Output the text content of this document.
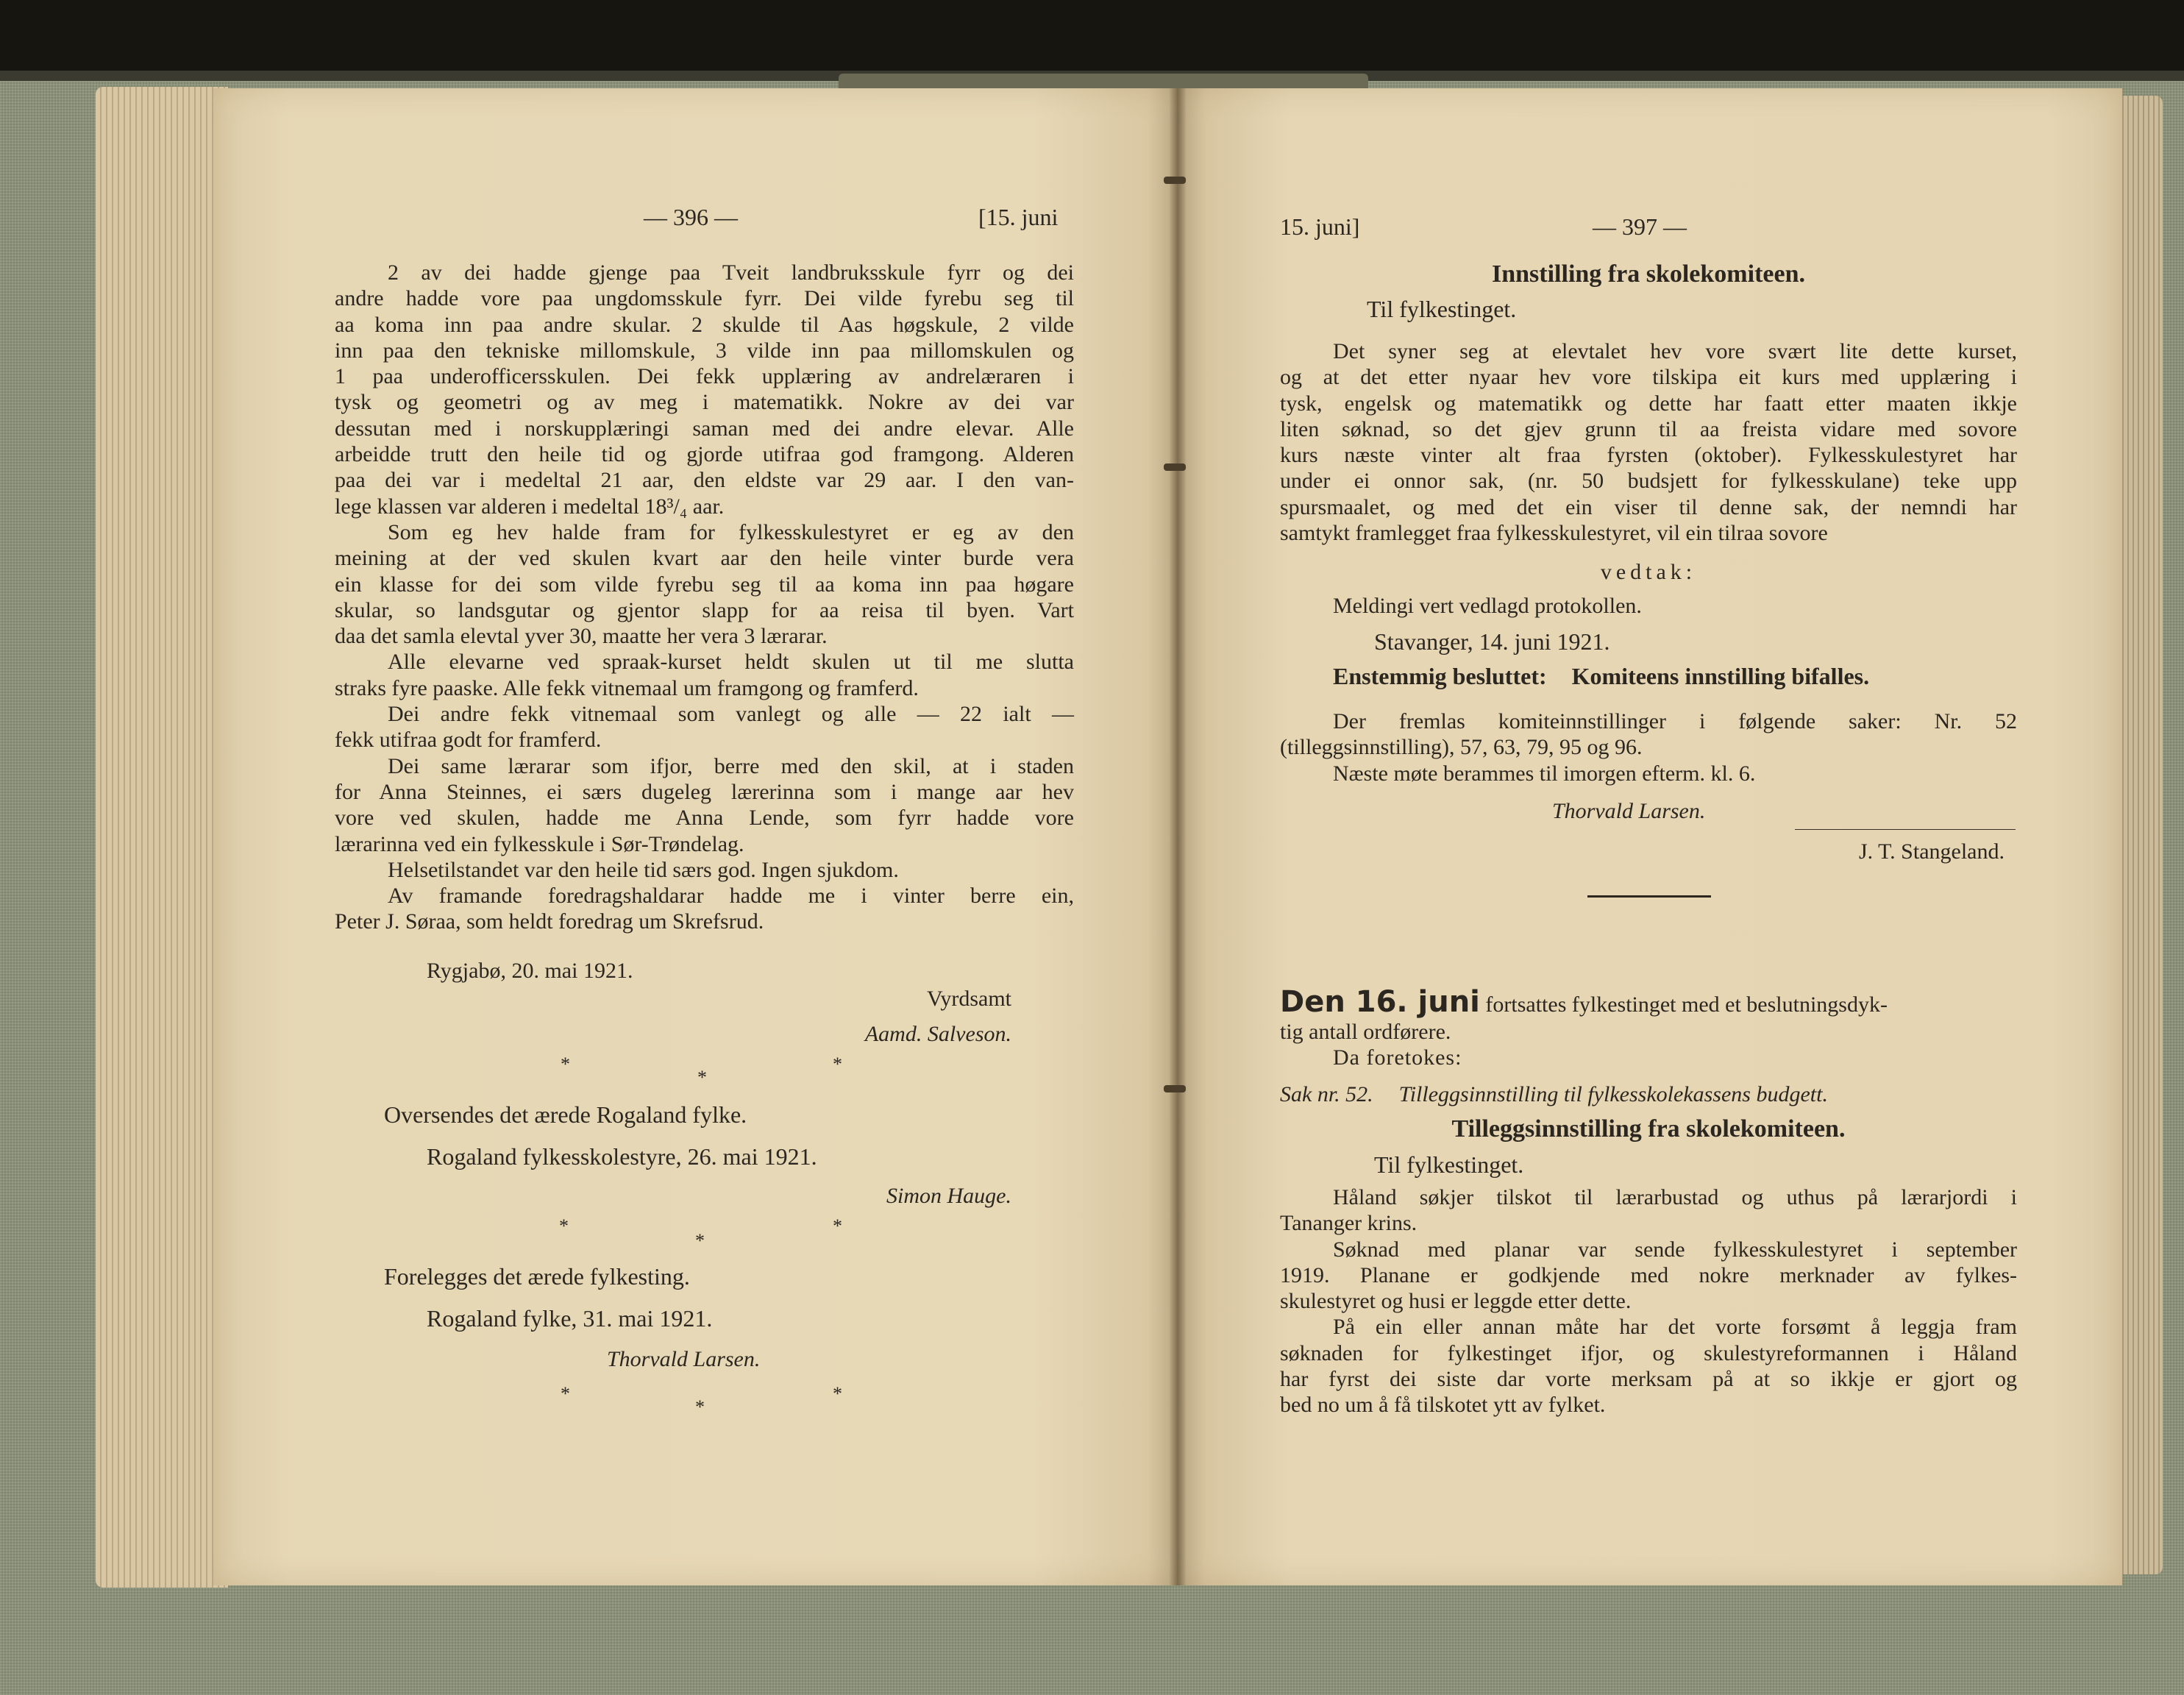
— 396 —	[15. juni
2 av dei hadde gjenge paa Tveit landbruksskule fyrr og dei
andre hadde vore paa ungdomsskule fyrr. Dei vilde fyrebu seg til
aa koma inn paa andre skular. 2 skulde til Aas høgskule, 2 vilde
inn paa den tekniske millomskule, 3 vilde inn paa millomskulen og
1 paa underofficersskulen. Dei fekk upplæring av andrelæraren i
tysk og geometri og av meg i matematikk. Nokre av dei var
dessutan med i norskupplæringi saman med dei andre elevar. Alle
arbeidde trutt den heile tid og gjorde utifraa god framgong. Alderen
paa dei var i medeltal 21 aar, den eldste var 29 aar. I den van-
lege klassen var alderen i medeltal 18³/₄ aar.
Som eg hev halde fram for fylkesskulestyret er eg av den
meining at der ved skulen kvart aar den heile vinter burde vera
ein klasse for dei som vilde fyrebu seg til aa koma inn paa høgare
skular, so landsgutar og gjentor slapp for aa reisa til byen. Vart
daa det samla elevtal yver 30, maatte her vera 3 lærarar.
Alle elevarne ved spraak-kurset heldt skulen ut til me slutta
straks fyre paaske. Alle fekk vitnemaal um framgong og framferd.
Dei andre fekk vitnemaal som vanlegt og alle — 22 ialt —
fekk utifraa godt for framferd.
Dei same lærarar som ifjor, berre med den skil, at i staden
for Anna Steinnes, ei særs dugeleg lærerinna som i mange aar hev
vore ved skulen, hadde me Anna Lende, som fyrr hadde vore
lærarinna ved ein fylkesskule i Sør-Trøndelag.
Helsetilstandet var den heile tid særs god. Ingen sjukdom.
Av framande foredragshaldarar hadde me i vinter berre ein,
Peter J. Søraa, som heldt foredrag um Skrefsrud.
Rygjabø, 20. mai 1921.
Vyrdsamt
Aamd. Salveson.
*
*
*
Oversendes det ærede Rogaland fylke.
Rogaland fylkesskolestyre, 26. mai 1921.
Simon Hauge.
*
*
*
Forelegges det ærede fylkesting.
Rogaland fylke, 31. mai 1921.
Thorvald Larsen.
*
*
*
15. juni]	— 397 —
Innstilling fra skolekomiteen.
Til fylkestinget.
Det syner seg at elevtalet hev vore svært lite dette kurset,
og at det etter nyaar hev vore tilskipa eit kurs med upplæring i
tysk, engelsk og matematikk og dette har faatt etter maaten ikkje
liten søknad, so det gjev grunn til aa freista vidare med sovore
kurs næste vinter alt fraa fyrsten (oktober). Fylkesskulestyret har
under ei onnor sak, (nr. 50 budsjett for fylkesskulane) teke upp
spursmaalet, og med det ein viser til denne sak, der nemndi har
samtykt framlegget fraa fylkesskulestyret, vil ein tilraa sovore
vedtak:
Meldingi vert vedlagd protokollen.
Stavanger, 14. juni 1921.
Enstemmig besluttet: Komiteens innstilling bifalles.
Der fremlas komiteinnstillinger i følgende saker: Nr. 52
(tilleggsinnstilling), 57, 63, 79, 95 og 96.
Næste møte berammes til imorgen efterm. kl. 6.
Thorvald Larsen.
J. T. Stangeland.
Den 16. juni fortsattes fylkestinget med et beslutningsdyk-
tig antall ordførere.
Da foretokes:
Sak nr. 52. Tilleggsinnstilling til fylkesskolekassens budgett.
Tilleggsinnstilling fra skolekomiteen.
Til fylkestinget.
Håland søkjer tilskot til lærarbustad og uthus på lærarjordi i
Tananger krins.
Søknad med planar var sende fylkesskulestyret i september
1919. Planane er godkjende med nokre merknader av fylkes-
skulestyret og husi er leggde etter dette.
På ein eller annan måte har det vorte forsømt å leggja fram
søknaden for fylkestinget ifjor, og skulestyreformannen i Håland
har fyrst dei siste dar vorte merksam på at so ikkje er gjort og
bed no um å få tilskotet ytt av fylket.
